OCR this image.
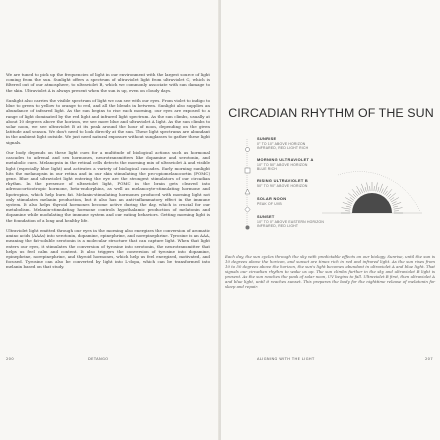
We are tuned to pick up the frequencies of light in our environment with the largest source of light coming from the sun. Sunlight offers a spectrum of ultraviolet light from ultraviolet C, which is filtered out of our atmosphere, to ultraviolet B, which we commonly associate with sun damage to the skin. Ultraviolet A is always present when the sun is up, even on cloudy days.

Sunlight also carries the visible spectrum of light we can see with our eyes. From violet to indigo to blue to green to yellow to orange to red, and all the blends in between. Sunlight also supplies an abundance of infrared light. As the sun begins to rise each morning, our eyes are exposed to a range of light dominated by the red light and infrared light spectrum. As the sun climbs, usually at about 10 degrees above the horizon, we see more blue and ultraviolet A light. As the sun climbs to solar noon, we see ultraviolet B at its peak around the hour of noon, depending on the given latitude and season. We don't need to look directly at the sun. These light spectrums are abundant in the ambient light outside. We just need natural exposure without sunglasses to gather these light signals.

Our body depends on these light cues for a multitude of biological actions such as hormonal cascades to adrenal and sex hormones, neurotransmitters like dopamine and serotonin, and metabolic cues. Melanopsin in the retinal cells detects the morning mix of ultraviolet A and visible light (especially blue light) and activates a variety of biological cascades. Early morning sunlight hits the melanopsin in our retina and in our skin stimulating the pro-opiomelanocortin (POMC) gene. Blue and ultraviolet light entering the eye are the strongest stimulators of our circadian rhythm. In the presence of ultraviolet light, POMC in the brain gets cleaved into adrenocorticotropic hormone, beta-endorphins, as well as melanocyte-stimulating hormone and lipotropins, which help burn fat. Melanin-stimulating hormones produced with morning light not only stimulates melanin production, but it also has an anti-inflammatory effect in the immune system. It also helps thyroid hormones become active during the day, which is crucial for our metabolism. Melanin-stimulating hormone controls hypothalamic production of melatonin and dopamine while modulating the immune system and our eating behaviors. Getting morning light is the foundation of a long and healthy life.

Ultraviolet light emitted through our eyes in the morning also energizes the conversion of aromatic amino acids (AAAs) into serotonin, dopamine, epinephrine, and norepinephrine. Tyrosine is an AAA, meaning the fat-soluble serotonin is a molecular structure that can capture light. When that light enters our eyes, it stimulates the conversion of tyrosine into serotonin, the neurotransmitter that helps us feel calm and content. It also triggers the conversion of tyrosine into dopamine, epinephrine, norepinephrine, and thyroid hormones, which help us feel energized, motivated, and focused. Tyrosine can also be converted by light into L-dopa, which can be transformed into melanin based on that study.

200	DETANGO
CIRCADIAN RHYTHM OF THE SUN
SUNRISE
0° TO 10° ABOVE HORIZON
INFRARED, RED LIGHT RICH
MORNING ULTRAVIOLET A
10° TO 50° ABOVE HORIZON
BLUE RICH
RISING ULTRAVIOLET B
50° TO 90° ABOVE HORIZON
SOLAR NOON
PEAK OF UVB
SUNSET
10° TO 0° ABOVE EASTERN HORIZON
INFRARED, RED LIGHT
Each day, the sun cycles through the sky with predictable effects on our biology. Sunrise, until the sun is 10 degrees above the horizon, and sunset are times rich in red and infrared light. As the sun rises from 10 to 50 degrees above the horizon, the sun's light becomes abundant in ultraviolet A and blue light. That signals our circadian rhythm to wake us up. The sun climbs further in the sky and ultraviolet B light is present. As the sun reaches the peak of solar noon, UV begins to fall. Ultraviolet B first, then ultraviolet A and blue light, until it reaches sunset. This prepares the body for the nighttime release of melatonin for sleep and repair.
ALIGNING WITH THE LIGHT	207
